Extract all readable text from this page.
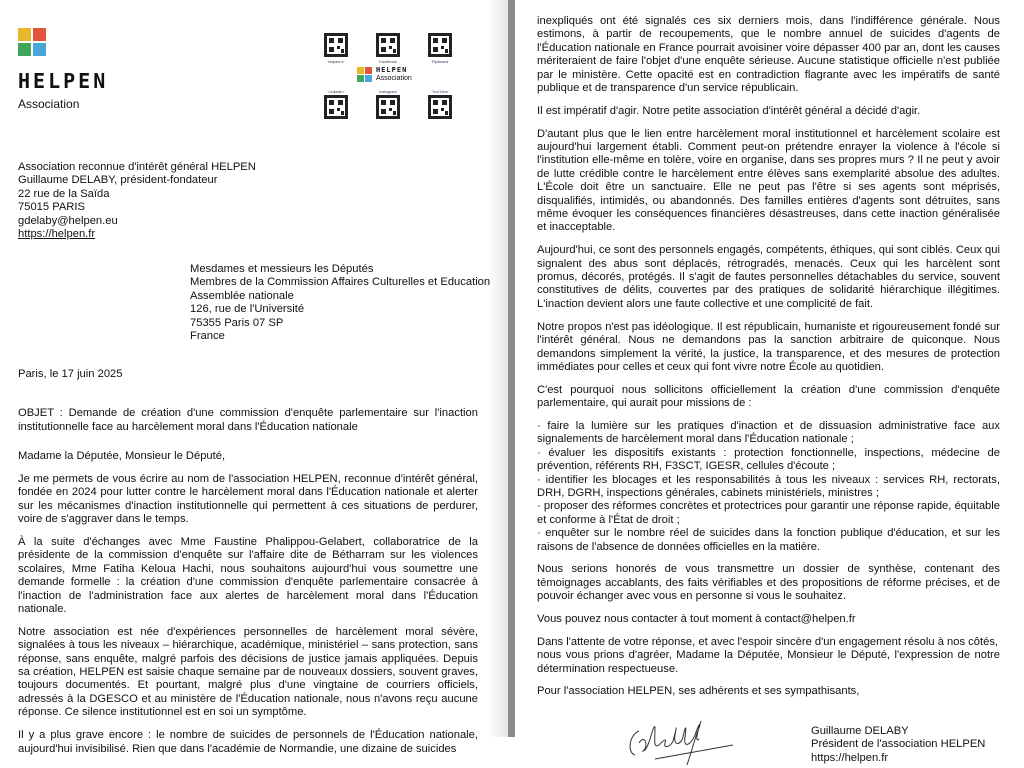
HELPEN
Association
helpen.fr	Facebook	Pipboard
HELPEN
Association
LinkedIn	Instagram	YouTube
Association reconnue d'intérêt général HELPEN
Guillaume DELABY, président-fondateur
22 rue de la Saïda
75015 PARIS
gdelaby@helpen.eu
https://helpen.fr
Mesdames et messieurs les Députés
Membres de la Commission Affaires Culturelles et Education
Assemblée nationale
126, rue de l'Université
75355 Paris 07 SP
France

Paris, le 17 juin 2025

OBJET : Demande de création d'une commission d'enquête parlementaire sur l'inaction institutionnelle face au harcèlement moral dans l'Éducation nationale

Madame la Députée, Monsieur le Député,

Je me permets de vous écrire au nom de l'association HELPEN, reconnue d'intérêt général, fondée en 2024 pour lutter contre le harcèlement moral dans l'Éducation nationale et alerter sur les mécanismes d'inaction institutionnelle qui permettent à ces situations de perdurer, voire de s'aggraver dans le temps.

À la suite d'échanges avec Mme Faustine Phalippou-Gelabert, collaboratrice de la présidente de la commission d'enquête sur l'affaire dite de Bétharram sur les violences scolaires, Mme Fatiha Keloua Hachi, nous souhaitons aujourd'hui vous soumettre une demande formelle : la création d'une commission d'enquête parlementaire consacrée à l'inaction de l'administration face aux alertes de harcèlement moral dans l'Éducation nationale.

Notre association est née d'expériences personnelles de harcèlement moral sévère, signalées à tous les niveaux – hiérarchique, académique, ministériel – sans protection, sans réponse, sans enquête, malgré parfois des décisions de justice jamais appliquées. Depuis sa création, HELPEN est saisie chaque semaine par de nouveaux dossiers, souvent graves, toujours documentés. Et pourtant, malgré plus d'une vingtaine de courriers officiels, adressés à la DGESCO et au ministère de l'Éducation nationale, nous n'avons reçu aucune réponse. Ce silence institutionnel est en soi un symptôme.

Il y a plus grave encore : le nombre de suicides de personnels de l'Éducation nationale, aujourd'hui invisibilisé. Rien que dans l'académie de Normandie, une dizaine de suicides

inexpliqués ont été signalés ces six derniers mois, dans l'indifférence générale. Nous estimons, à partir de recoupements, que le nombre annuel de suicides d'agents de l'Éducation nationale en France pourrait avoisiner voire dépasser 400 par an, dont les causes mériteraient de faire l'objet d'une enquête sérieuse. Aucune statistique officielle n'est publiée par le ministère. Cette opacité est en contradiction flagrante avec les impératifs de santé publique et de transparence d'un service républicain.

Il est impératif d'agir. Notre petite association d'intérêt général a décidé d'agir.

D'autant plus que le lien entre harcèlement moral institutionnel et harcèlement scolaire est aujourd'hui largement établi. Comment peut-on prétendre enrayer la violence à l'école si l'institution elle-même en tolère, voire en organise, dans ses propres murs ? Il ne peut y avoir de lutte crédible contre le harcèlement entre élèves sans exemplarité absolue des adultes. L'École doit être un sanctuaire. Elle ne peut pas l'être si ses agents sont méprisés, disqualifiés, intimidés, ou abandonnés. Des familles entières d'agents sont détruites, sans même évoquer les conséquences financières désastreuses, dans cette inaction généralisée et inacceptable.

Aujourd'hui, ce sont des personnels engagés, compétents, éthiques, qui sont ciblés. Ceux qui signalent des abus sont déplacés, rétrogradés, menacés. Ceux qui les harcèlent sont promus, décorés, protégés. Il s'agit de fautes personnelles détachables du service, souvent constitutives de délits, couvertes par des pratiques de solidarité hiérarchique illégitimes. L'inaction devient alors une faute collective et une complicité de fait.

Notre propos n'est pas idéologique. Il est républicain, humaniste et rigoureusement fondé sur l'intérêt général. Nous ne demandons pas la sanction arbitraire de quiconque. Nous demandons simplement la vérité, la justice, la transparence, et des mesures de protection immédiates pour celles et ceux qui font vivre notre École au quotidien.

C'est pourquoi nous sollicitons officiellement la création d'une commission d'enquête parlementaire, qui aurait pour missions de :

· faire la lumière sur les pratiques d'inaction et de dissuasion administrative face aux signalements de harcèlement moral dans l'Éducation nationale ;

· évaluer les dispositifs existants : protection fonctionnelle, inspections, médecine de prévention, référents RH, F3SCT, IGESR, cellules d'écoute ;

· identifier les blocages et les responsabilités à tous les niveaux : services RH, rectorats, DRH, DGRH, inspections générales, cabinets ministériels, ministres ;

· proposer des réformes concrètes et protectrices pour garantir une réponse rapide, équitable et conforme à l'État de droit ;

· enquêter sur le nombre réel de suicides dans la fonction publique d'éducation, et sur les raisons de l'absence de données officielles en la matière.

Nous serions honorés de vous transmettre un dossier de synthèse, contenant des témoignages accablants, des faits vérifiables et des propositions de réforme précises, et de pouvoir échanger avec vous en personne si vous le souhaitez.

Vous pouvez nous contacter à tout moment à contact@helpen.fr

Dans l'attente de votre réponse, et avec l'espoir sincère d'un engagement résolu à nos côtés,

nous vous prions d'agréer, Madame la Députée, Monsieur le Député, l'expression de notre détermination respectueuse.

Pour l'association HELPEN, ses adhérents et ses sympathisants,

Guillaume DELABY
Président de l'association HELPEN
https://helpen.fr
